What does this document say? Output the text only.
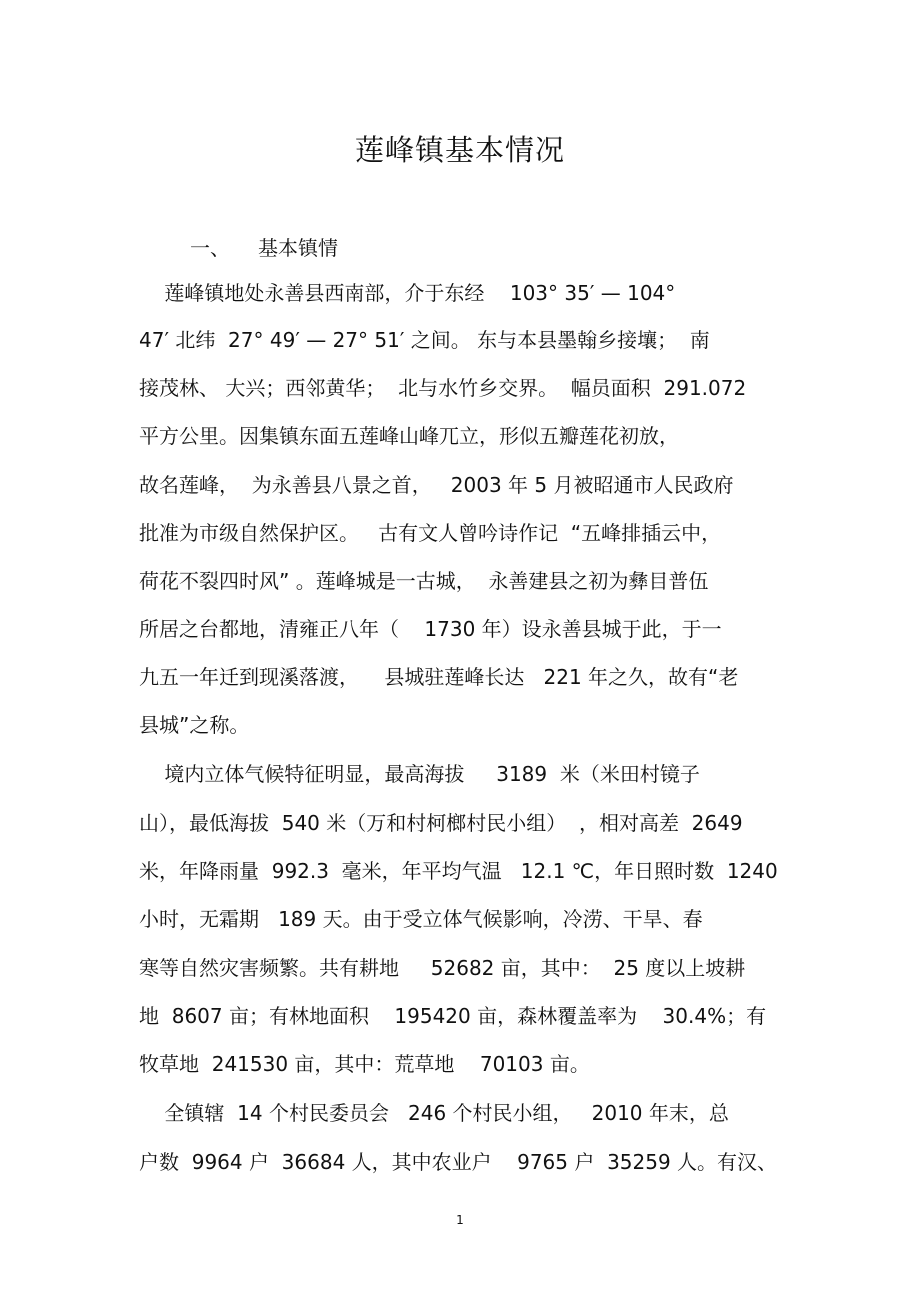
莲峰镇基本情况
一、 基本镇情
莲峰镇地处永善县西南部，介于东经    103° 35′ — 104°
47′ 北纬  27° 49′ — 27° 51′ 之间。 东与本县墨翰乡接壤；  南
接茂林、 大兴；西邻黄华；  北与水竹乡交界。  幅员面积  291.072
平方公里。因集镇东面五莲峰山峰兀立，形似五瓣莲花初放，
故名莲峰，  为永善县八景之首，   2003 年 5 月被昭通市人民政府
批准为市级自然保护区。   古有文人曾吟诗作记  “五峰排插云中，
荷花不裂四时风” 。莲峰城是一古城，  永善建县之初为彝目普伍
所居之台都地，清雍正八年（    1730 年）设永善县城于此，于一
九五一年迁到现溪落渡，    县城驻莲峰长达   221 年之久，故有“老
县城”之称。
境内立体气候特征明显，最高海拔     3189  米（米田村镜子
山），最低海拔  540 米（万和村柯榔村民小组）  ，相对高差  2649
米，年降雨量  992.3  毫米，年平均气温   12.1 ℃，年日照时数  1240
小时，无霜期   189 天。由于受立体气候影响，冷涝、干旱、春
寒等自然灾害频繁。共有耕地     52682 亩，其中：  25 度以上坡耕
地  8607 亩；有林地面积    195420 亩，森林覆盖率为    30.4%；有
牧草地  241530 亩，其中：荒草地    70103 亩。
全镇辖  14 个村民委员会   246 个村民小组，   2010 年末，总
户数  9964 户  36684 人，其中农业户    9765 户  35259 人。有汉、
1
